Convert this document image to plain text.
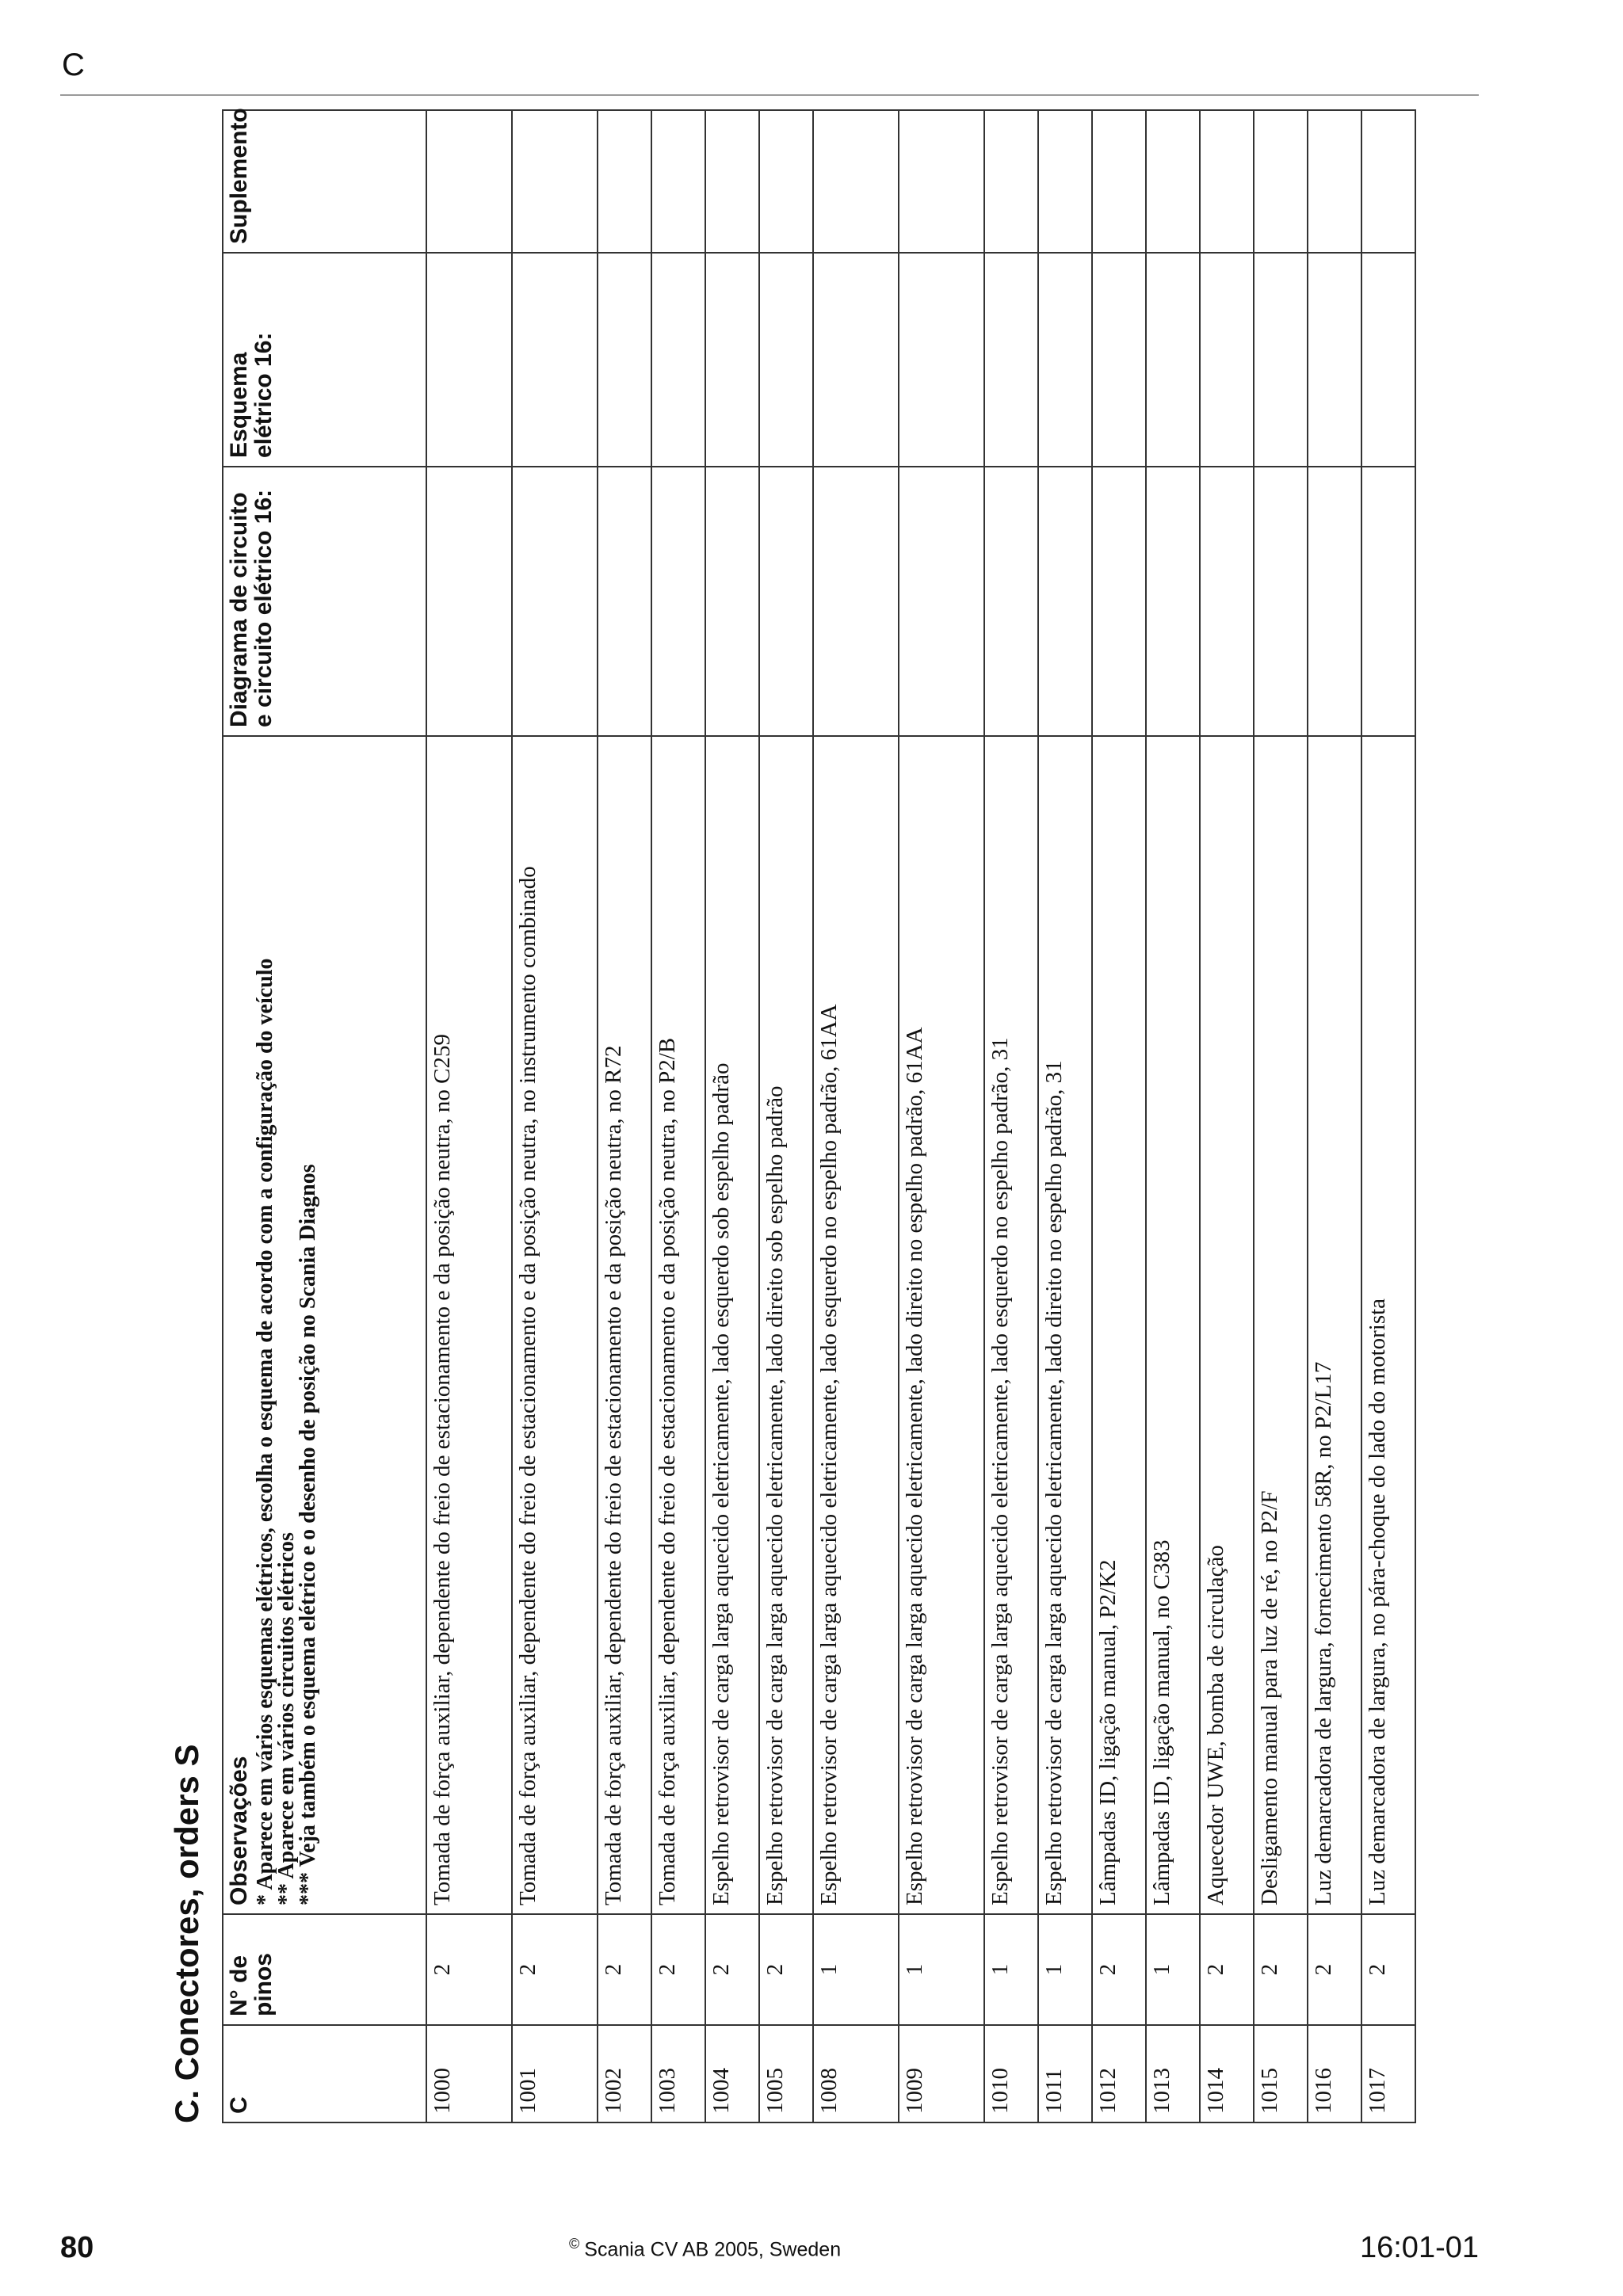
C
C. Conectores, orders S C	N° de pinos	Observações * Aparece em vários esquemas elétricos, escolha o esquema de acordo com a configuração do veículo
** Aparece em vários circuitos elétricos
*** Veja também o esquema elétrico e o desenho de posição no Scania Diagnos	Diagrama de circuito e circuito elétrico 16:	Esquema elétrico 16:	Suplemento
1000	2	Tomada de força auxiliar, dependente do freio de estacionamento e da posição neutra, no C259			
1001	2	Tomada de força auxiliar, dependente do freio de estacionamento e da posição neutra, no instrumento combinado			
1002	2	Tomada de força auxiliar, dependente do freio de estacionamento e da posição neutra, no R72			
1003	2	Tomada de força auxiliar, dependente do freio de estacionamento e da posição neutra, no P2/B			
1004	2	Espelho retrovisor de carga larga aquecido eletricamente, lado esquerdo sob espelho padrão			
1005	2	Espelho retrovisor de carga larga aquecido eletricamente, lado direito sob espelho padrão			
1008	1	Espelho retrovisor de carga larga aquecido eletricamente, lado esquerdo no espelho padrão, 61AA			
1009	1	Espelho retrovisor de carga larga aquecido eletricamente, lado direito no espelho padrão, 61AA			
1010	1	Espelho retrovisor de carga larga aquecido eletricamente, lado esquerdo no espelho padrão, 31			
1011	1	Espelho retrovisor de carga larga aquecido eletricamente, lado direito no espelho padrão, 31			
1012	2	Lâmpadas ID, ligação manual, P2/K2			
1013	1	Lâmpadas ID, ligação manual, no C383			
1014	2	Aquecedor UWE, bomba de circulação			
1015	2	Desligamento manual para luz de ré, no P2/F			
1016	2	Luz demarcadora de largura, fornecimento 58R, no P2/L17			
1017	2	Luz demarcadora de largura, no pára-choque do lado do motorista			
80	© Scania CV AB 2005, Sweden	16:01-01
